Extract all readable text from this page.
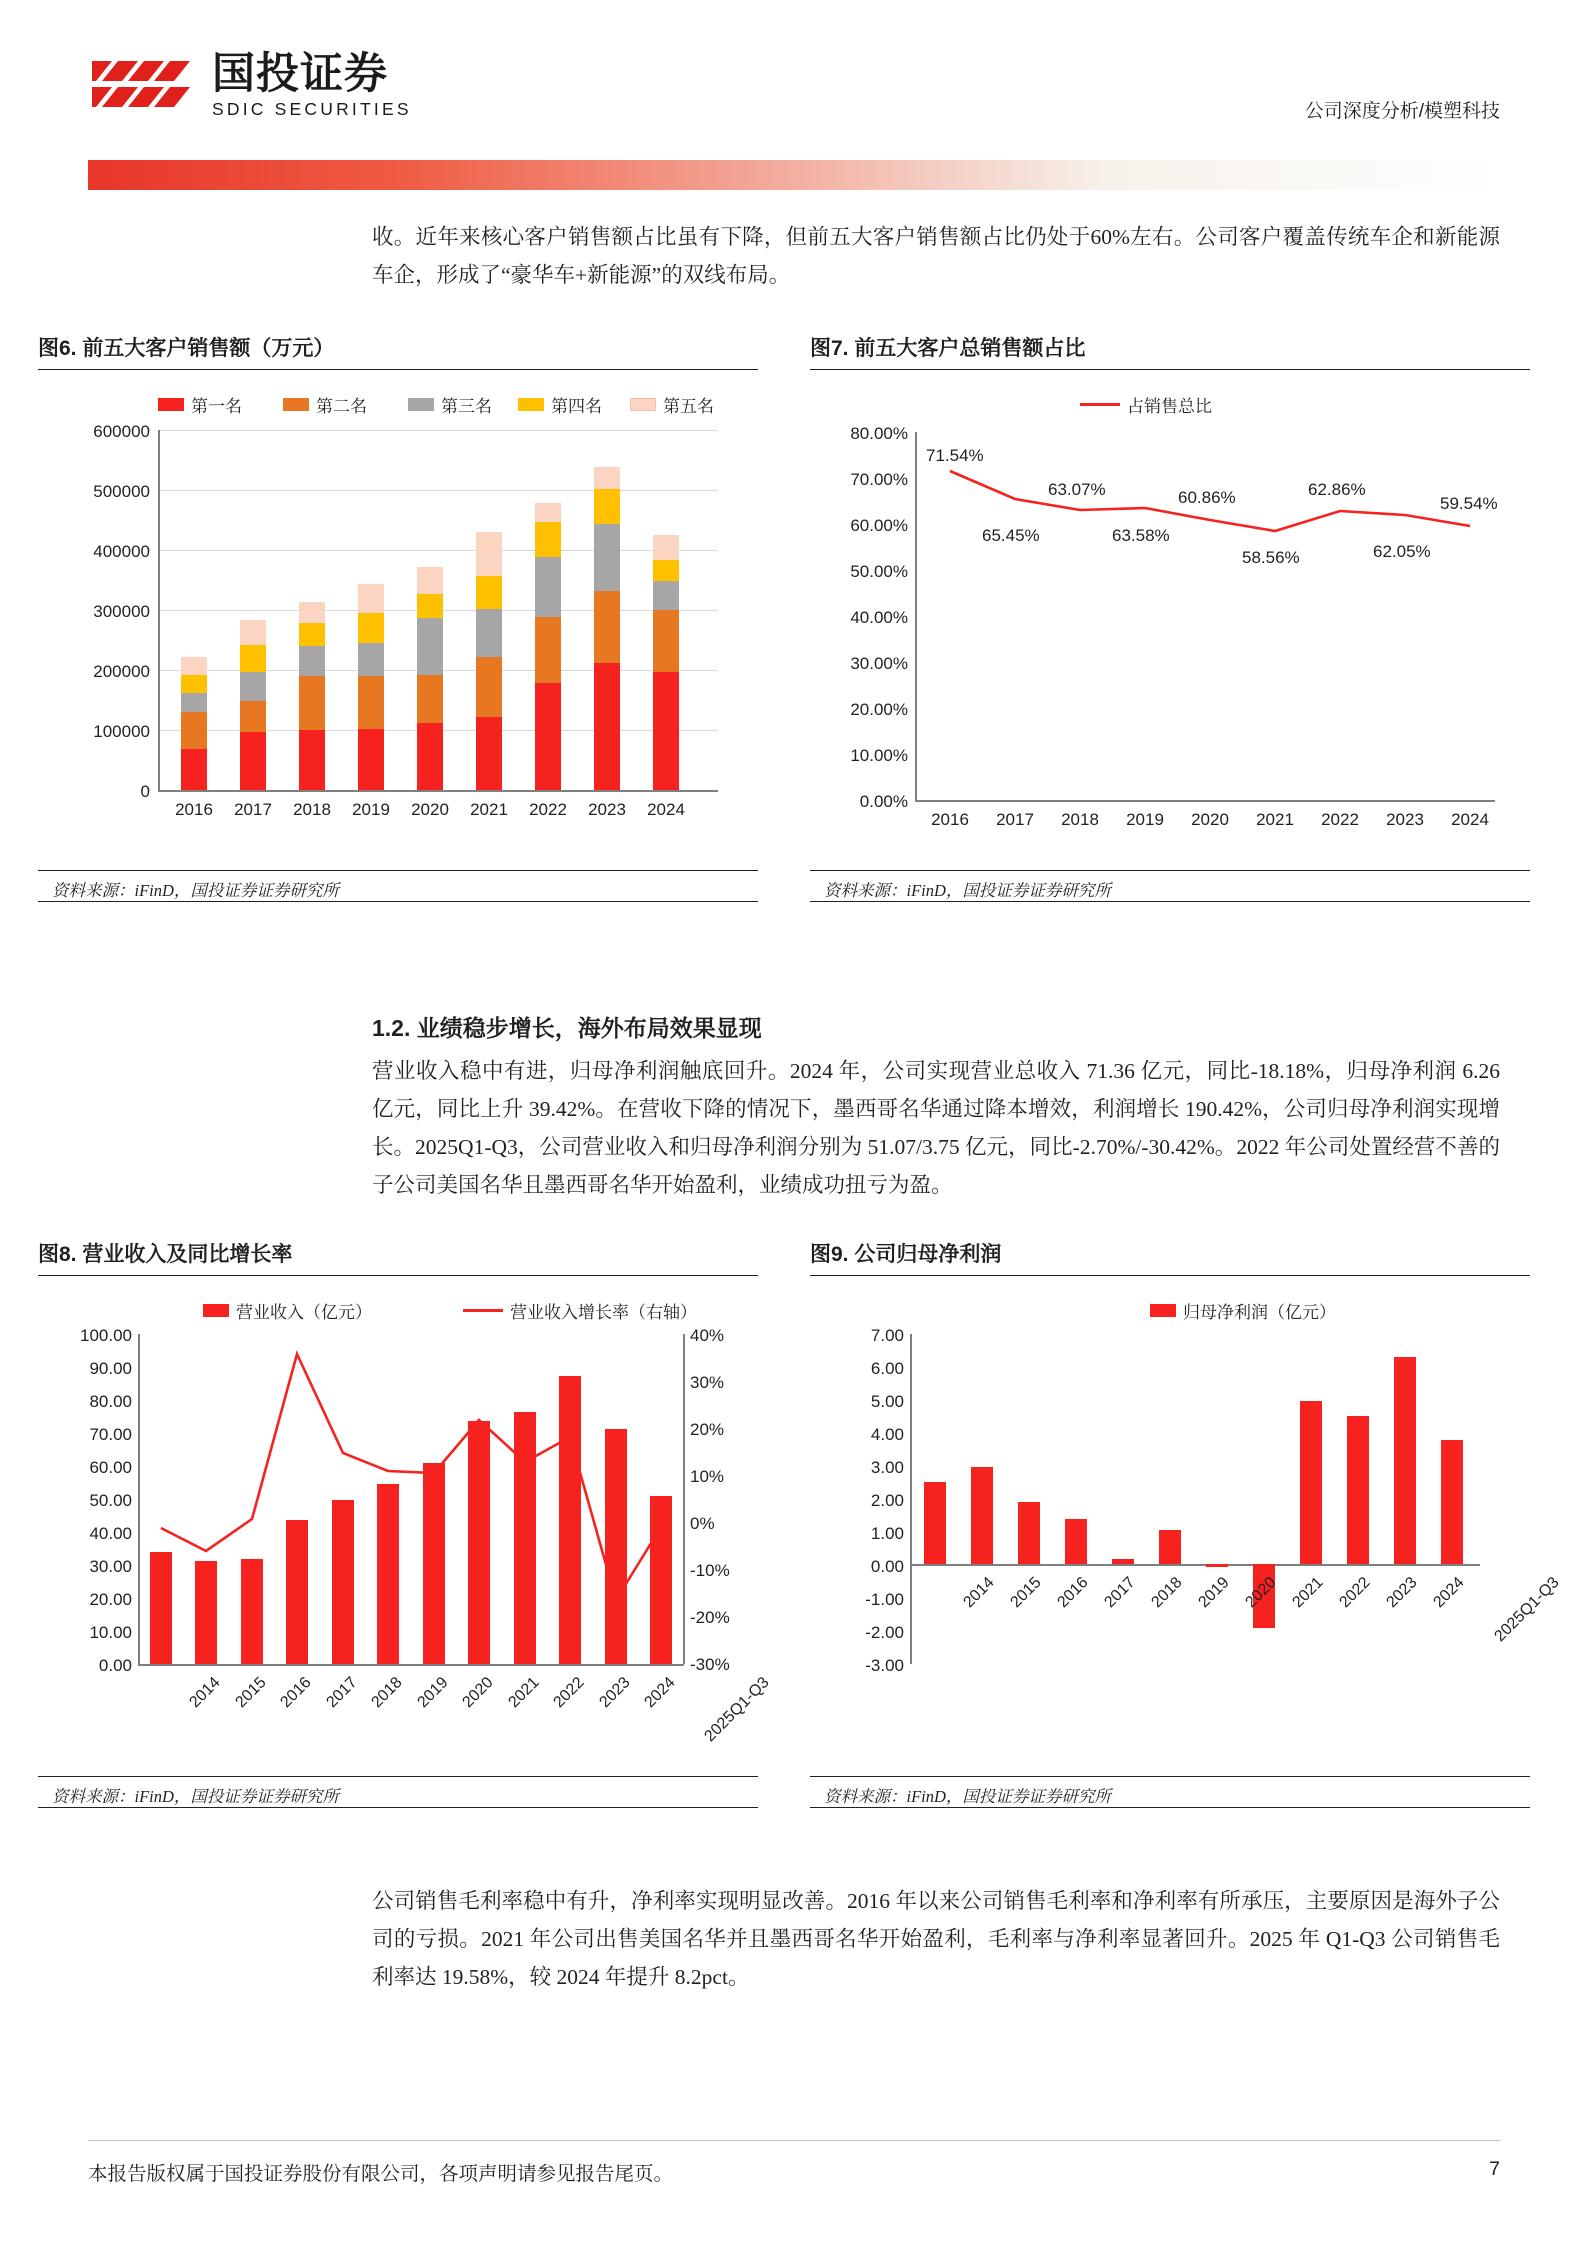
国投证券
SDIC SECURITIES	公司深度分析/模塑科技
收。近年来核心客户销售额占比虽有下降，但前五大客户销售额占比仍处于60%左右。公司客户覆盖传统车企和新能源车企，形成了“豪华车+新能源”的双线布局。
图6. 前五大客户销售额（万元）
第一名	第二名	第三名	第四名	第五名
600000
500000
400000
300000
200000
100000
0
2016 2017 2018 2019 2020 2021 2022 2023 2024
资料来源：iFinD，国投证券证券研究所
图7. 前五大客户总销售额占比
占销售总比
80.00%
70.00%
60.00%
50.00%
40.00%
30.00%
20.00%
10.00%
0.00%
71.54%
65.45%
63.07%
63.58%
60.86%
58.56%
62.86%
62.05%
59.54%
2016 2017 2018 2019 2020 2021 2022 2023 2024
资料来源：iFinD，国投证券证券研究所
1.2. 业绩稳步增长，海外布局效果显现
营业收入稳中有进，归母净利润触底回升。2024 年，公司实现营业总收入 71.36 亿元，同比-18.18%，归母净利润 6.26 亿元，同比上升 39.42%。在营收下降的情况下，墨西哥名华通过降本增效，利润增长 190.42%，公司归母净利润实现增长。2025Q1-Q3，公司营业收入和归母净利润分别为 51.07/3.75 亿元，同比-2.70%/-30.42%。2022 年公司处置经营不善的子公司美国名华且墨西哥名华开始盈利，业绩成功扭亏为盈。
图8. 营业收入及同比增长率
营业收入（亿元）	营业收入增长率（右轴）
100.00
90.00
80.00
70.00
60.00
50.00
40.00
30.00
20.00
10.00
0.00
40%
30%
20%
10%
0%
-10%
-20%
-30%
2014 2015 2016 2017 2018 2019 2020 2021 2022 2023 2024 2025Q1-Q3
资料来源：iFinD，国投证券证券研究所
图9. 公司归母净利润
归母净利润（亿元）
7.00
6.00
5.00
4.00
3.00
2.00
1.00
0.00
-1.00
-2.00
-3.00
2014 2015 2016 2017 2018 2019 2020 2021 2022 2023 2024 2025Q1-Q3
资料来源：iFinD，国投证券证券研究所
公司销售毛利率稳中有升，净利率实现明显改善。2016 年以来公司销售毛利率和净利率有所承压，主要原因是海外子公司的亏损。2021 年公司出售美国名华并且墨西哥名华开始盈利，毛利率与净利率显著回升。2025 年 Q1-Q3 公司销售毛利率达 19.58%，较 2024 年提升 8.2pct。
本报告版权属于国投证券股份有限公司，各项声明请参见报告尾页。	7
